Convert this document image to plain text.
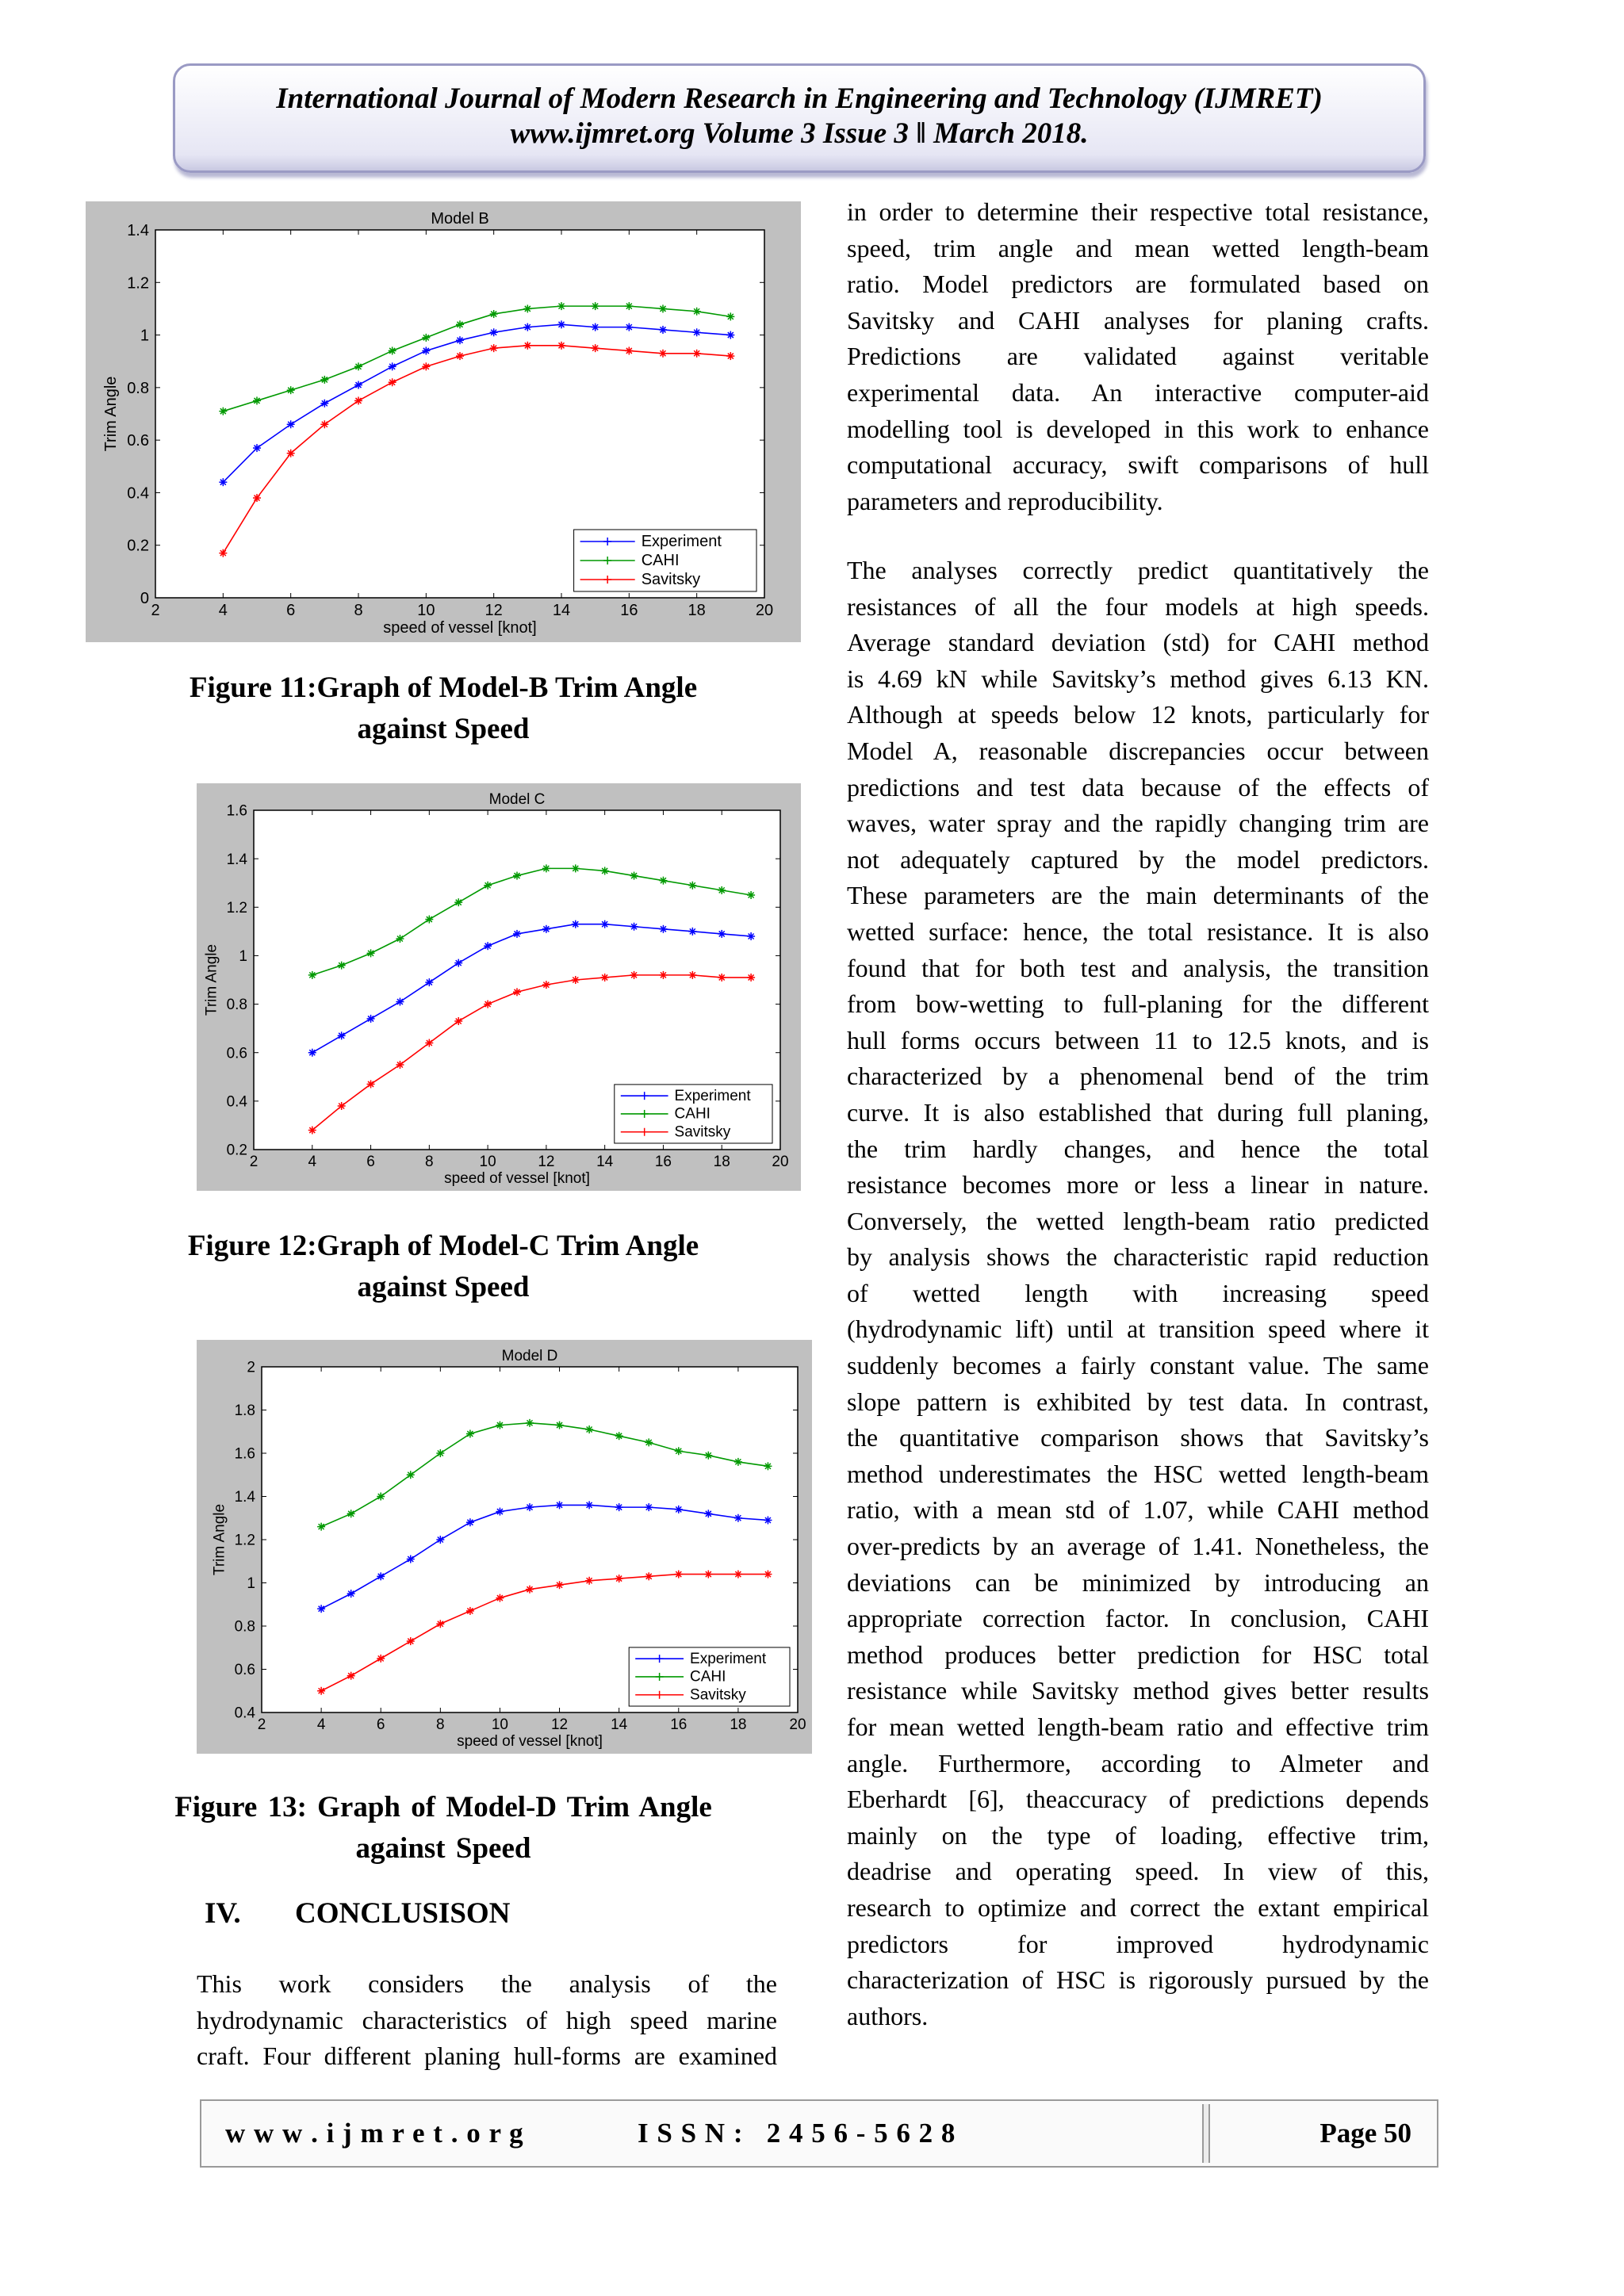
International Journal of Modern Research in Engineering and Technology (IJMRET)
www.ijmret.org Volume 3 Issue 3 ǁ March 2018.
Model B
2	4	6	8	10	12	14	16	18	20
0
0.2
0.4
0.6
0.8
1
1.2
1.4
speed of vessel [knot]
Trim Angle
Experiment
CAHI
Savitsky
Figure 11:Graph of Model-B Trim Angle against Speed
Model C
2	4	6	8	10	12	14	16	18	20
0.2
0.4
0.6
0.8
1
1.2
1.4
1.6
speed of vessel [knot]
Trim Angle
Experiment
CAHI
Savitsky
Figure 12:Graph of Model-C Trim Angle against Speed
Model D
2	4	6	8	10	12	14	16	18	20
0.4
0.6
0.8
1
1.2
1.4
1.6
1.8
2
speed of vessel [knot]
Trim Angle
Experiment
CAHI
Savitsky
Figure 13: Graph of Model-D Trim Angle against Speed
IV. CONCLUSISON
This work considers the analysis of the
hydrodynamic characteristics of high speed marine
craft. Four different planing hull-forms are examined
in order to determine their respective total resistance,
speed, trim angle and mean wetted length-beam
ratio. Model predictors are formulated based on
Savitsky and CAHI analyses for planing crafts.
Predictions are validated against veritable
experimental data. An interactive computer-aid
modelling tool is developed in this work to enhance
computational accuracy, swift comparisons of hull
parameters and reproducibility.
The analyses correctly predict quantitatively the
resistances of all the four models at high speeds.
Average standard deviation (std) for CAHI method
is 4.69 kN while Savitsky’s method gives 6.13 KN.
Although at speeds below 12 knots, particularly for
Model A, reasonable discrepancies occur between
predictions and test data because of the effects of
waves, water spray and the rapidly changing trim are
not adequately captured by the model predictors.
These parameters are the main determinants of the
wetted surface: hence, the total resistance. It is also
found that for both test and analysis, the transition
from bow-wetting to full-planing for the different
hull forms occurs between 11 to 12.5 knots, and is
characterized by a phenomenal bend of the trim
curve. It is also established that during full planing,
the trim hardly changes, and hence the total
resistance becomes more or less a linear in nature.
Conversely, the wetted length-beam ratio predicted
by analysis shows the characteristic rapid reduction
of wetted length with increasing speed
(hydrodynamic lift) until at transition speed where it
suddenly becomes a fairly constant value. The same
slope pattern is exhibited by test data. In contrast,
the quantitative comparison shows that Savitsky’s
method underestimates the HSC wetted length-beam
ratio, with a mean std of 1.07, while CAHI method
over-predicts by an average of 1.41. Nonetheless, the
deviations can be minimized by introducing an
appropriate correction factor. In conclusion, CAHI
method produces better prediction for HSC total
resistance while Savitsky method gives better results
for mean wetted length-beam ratio and effective trim
angle. Furthermore, according to Almeter and
Eberhardt [6], theaccuracy of predictions depends
mainly on the type of loading, effective trim,
deadrise and operating speed. In view of this,
research to optimize and correct the extant empirical
predictors for improved hydrodynamic
characterization of HSC is rigorously pursued by the
authors.
w w w . i j m r e t . o r g	I S S N :   2 4 5 6 - 5 6 2 8	Page 50
